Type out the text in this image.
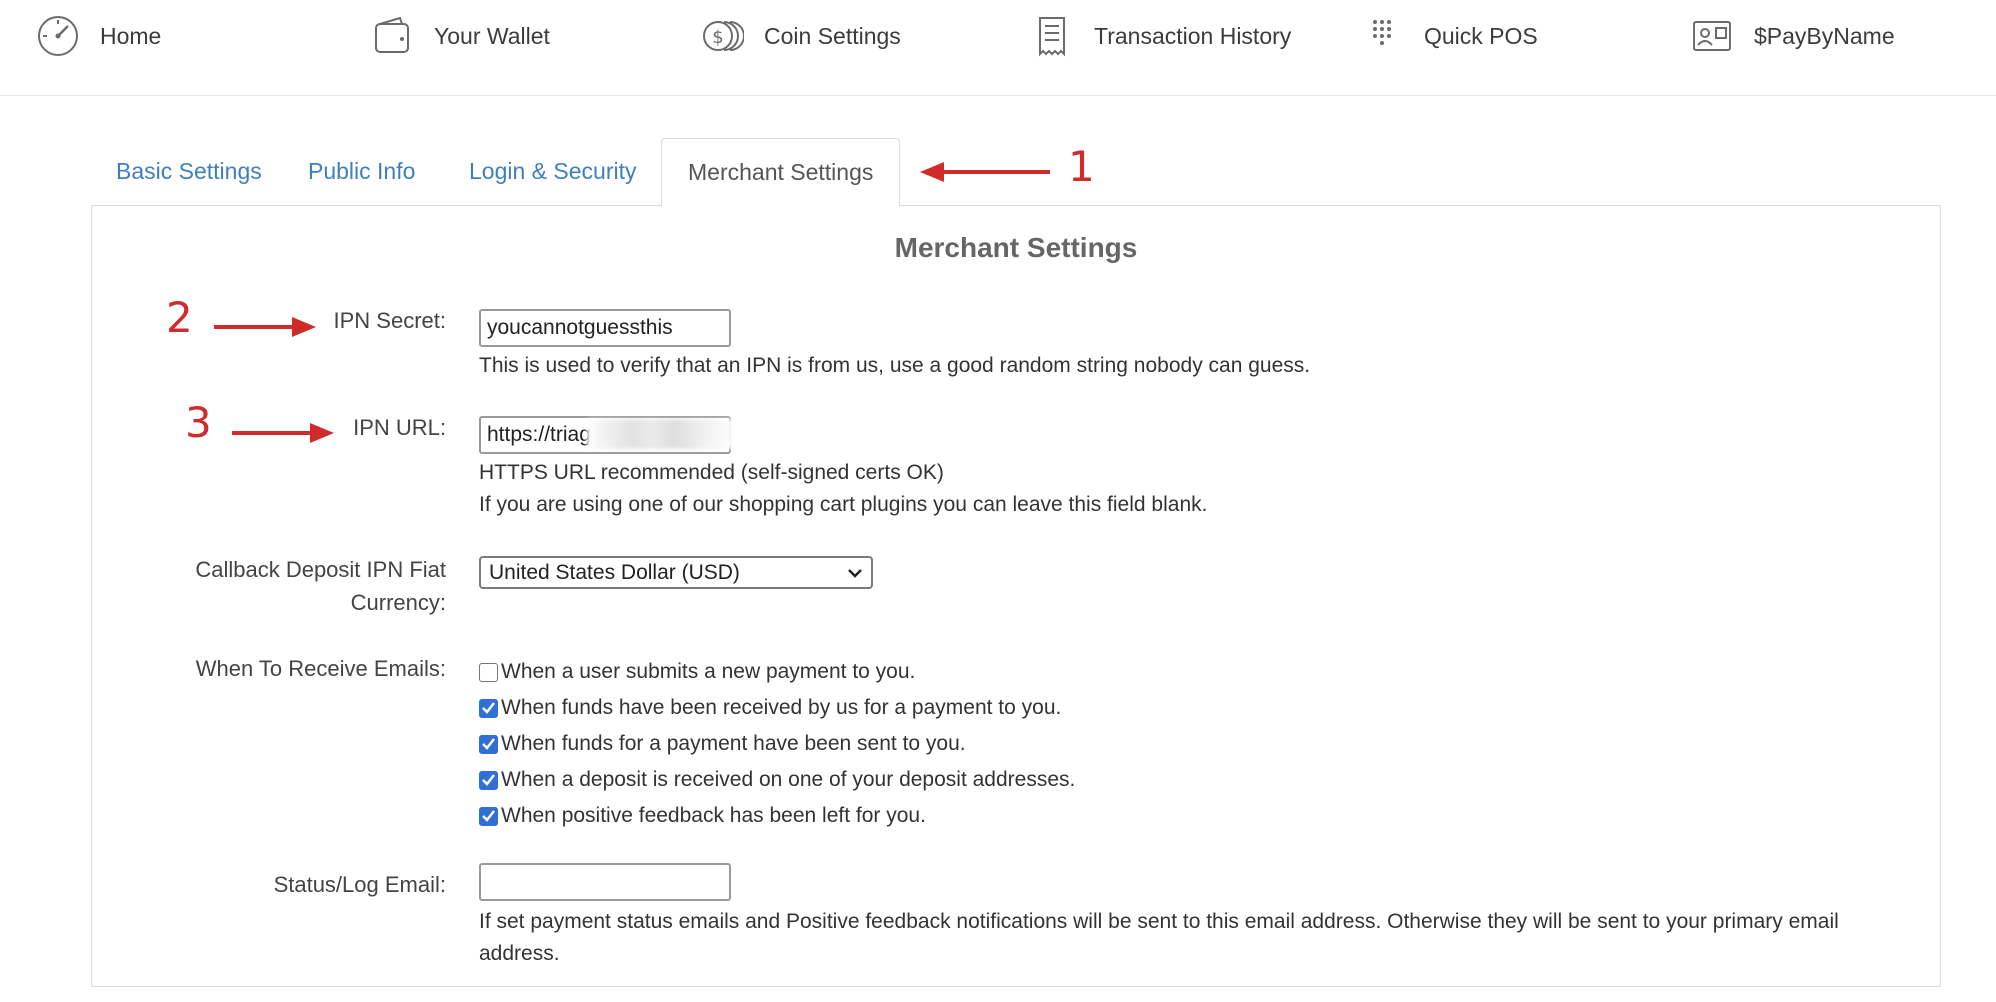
Home	Your Wallet	$ Coin Settings	Transaction History	Quick POS	$PayByName
Basic Settings Public Info Login & Security	Merchant Settings	1
Merchant Settings
IPN Secret:
youcannotguessthis
This is used to verify that an IPN is from us, use a good random string nobody can guess.
IPN URL:
https://triage.
HTTPS URL recommended (self-signed certs OK)
If you are using one of our shopping cart plugins you can leave this field blank.
Callback Deposit IPN Fiat
Currency:
United States Dollar (USD)
When To Receive Emails:	When a user submits a new payment to you.
When funds have been received by us for a payment to you.
When funds for a payment have been sent to you.
When a deposit is received on one of your deposit addresses.
When positive feedback has been left for you.
Status/Log Email:
If set payment status emails and Positive feedback notifications will be sent to this email address. Otherwise they will be sent to your primary email
address.
2
3
